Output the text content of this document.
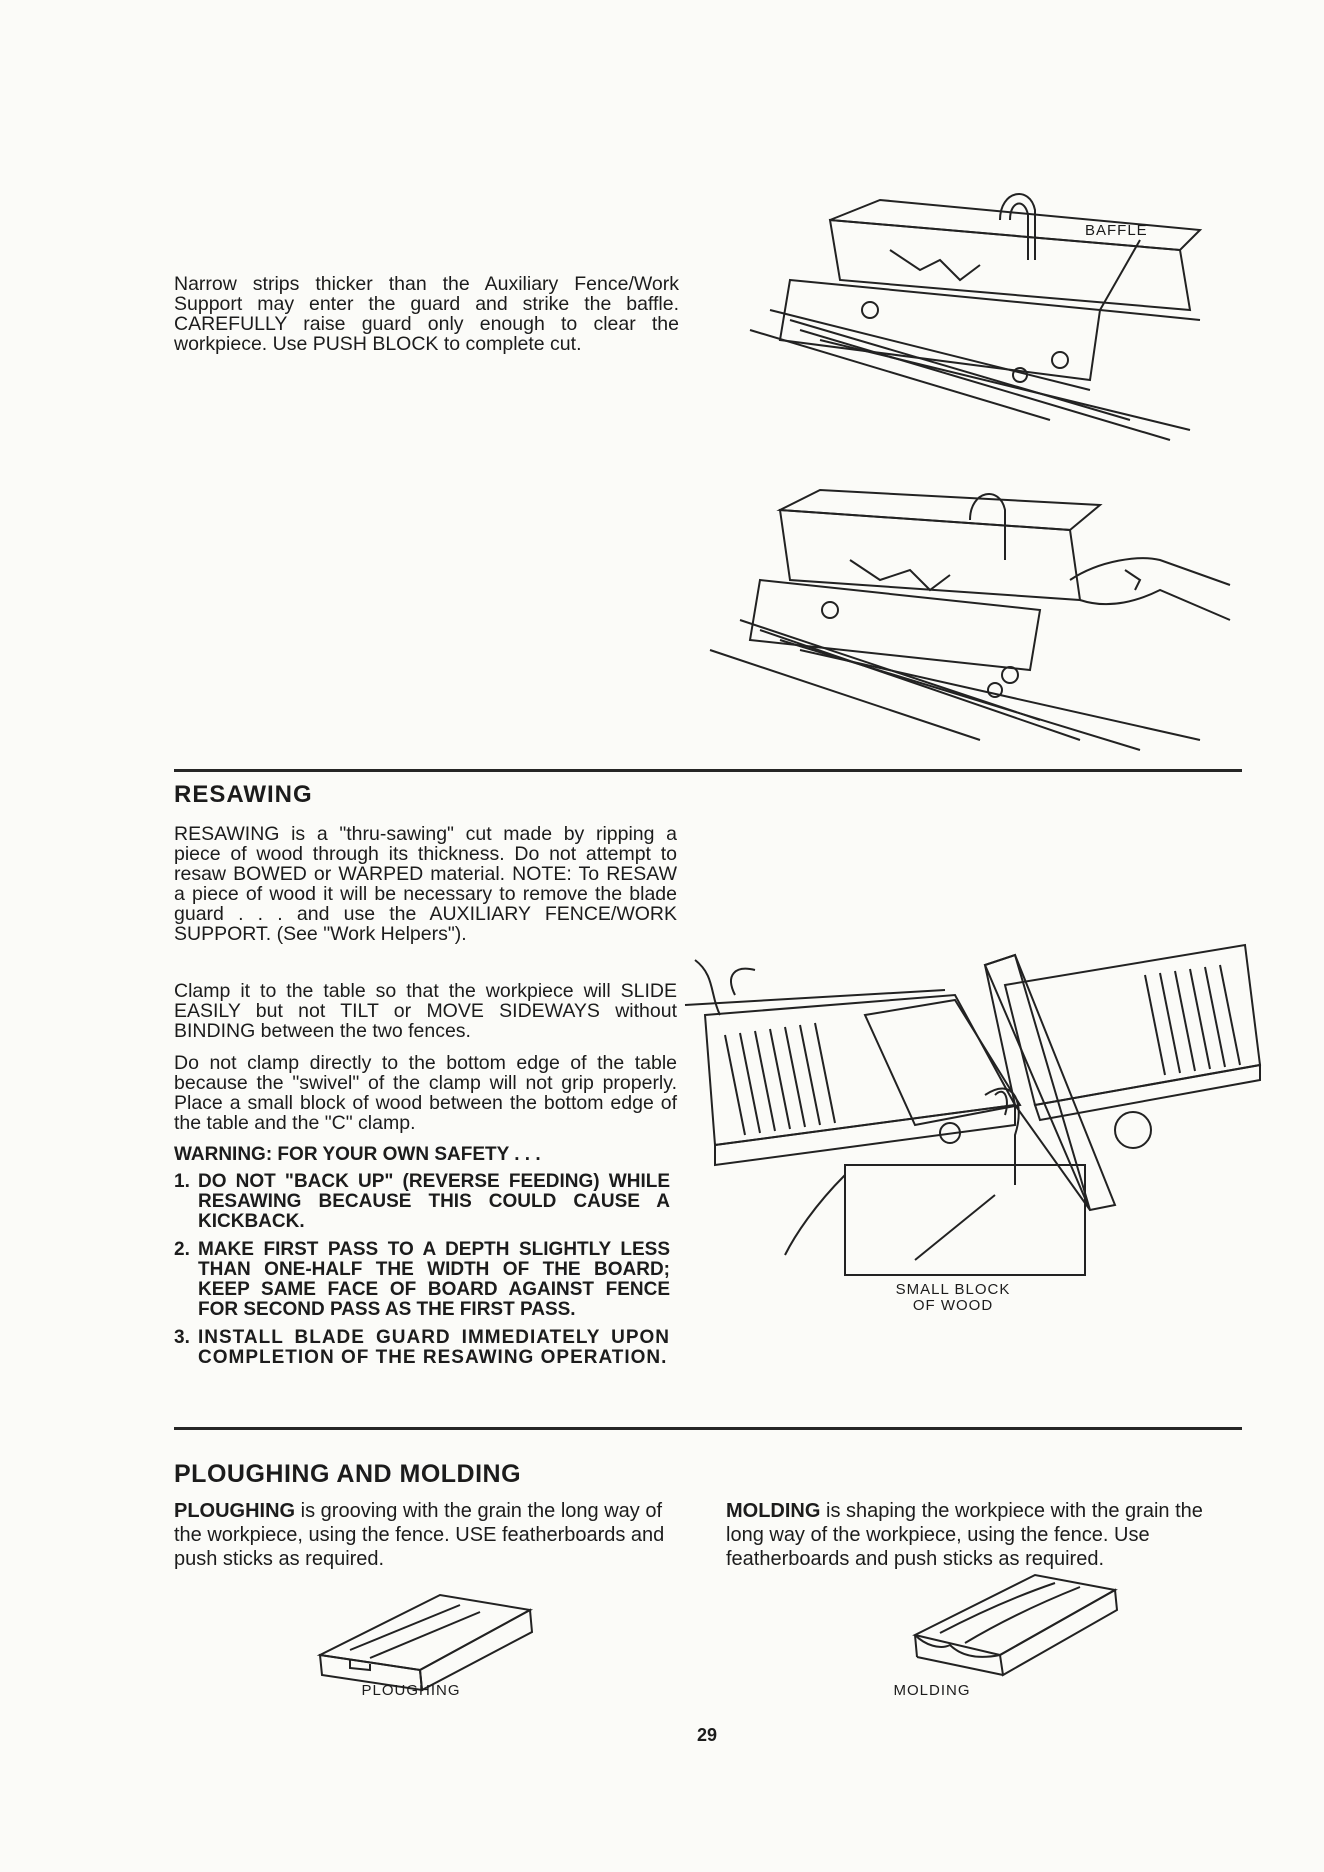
Narrow strips thicker than the Auxiliary Fence/Work Support may enter the guard and strike the baffle. CAREFULLY raise guard only enough to clear the workpiece. Use PUSH BLOCK to complete cut.

BAFFLE
RESAWING

RESAWING is a "thru-sawing" cut made by ripping a piece of wood through its thickness. Do not attempt to resaw BOWED or WARPED material. NOTE: To RESAW a piece of wood it will be necessary to remove the blade guard . . . and use the AUXILIARY FENCE/WORK SUPPORT. (See "Work Helpers").

Clamp it to the table so that the workpiece will SLIDE EASILY but not TILT or MOVE SIDEWAYS without BINDING between the two fences.

Do not clamp directly to the bottom edge of the table because the "swivel" of the clamp will not grip properly. Place a small block of wood between the bottom edge of the table and the "C" clamp.

WARNING: FOR YOUR OWN SAFETY . . .

1. DO NOT "BACK UP" (REVERSE FEEDING) WHILE RESAWING BECAUSE THIS COULD CAUSE A KICKBACK.
2. MAKE FIRST PASS TO A DEPTH SLIGHTLY LESS THAN ONE-HALF THE WIDTH OF THE BOARD; KEEP SAME FACE OF BOARD AGAINST FENCE FOR SECOND PASS AS THE FIRST PASS.
3. INSTALL BLADE GUARD IMMEDIATELY UPON COMPLETION OF THE RESAWING OPERATION.
SMALL BLOCK
OF WOOD
PLOUGHING AND MOLDING

PLOUGHING is grooving with the grain the long way of the workpiece, using the fence. USE featherboards and push sticks as required.

MOLDING is shaping the workpiece with the grain the long way of the workpiece, using the fence. Use featherboards and push sticks as required.

PLOUGHING	MOLDING
29
